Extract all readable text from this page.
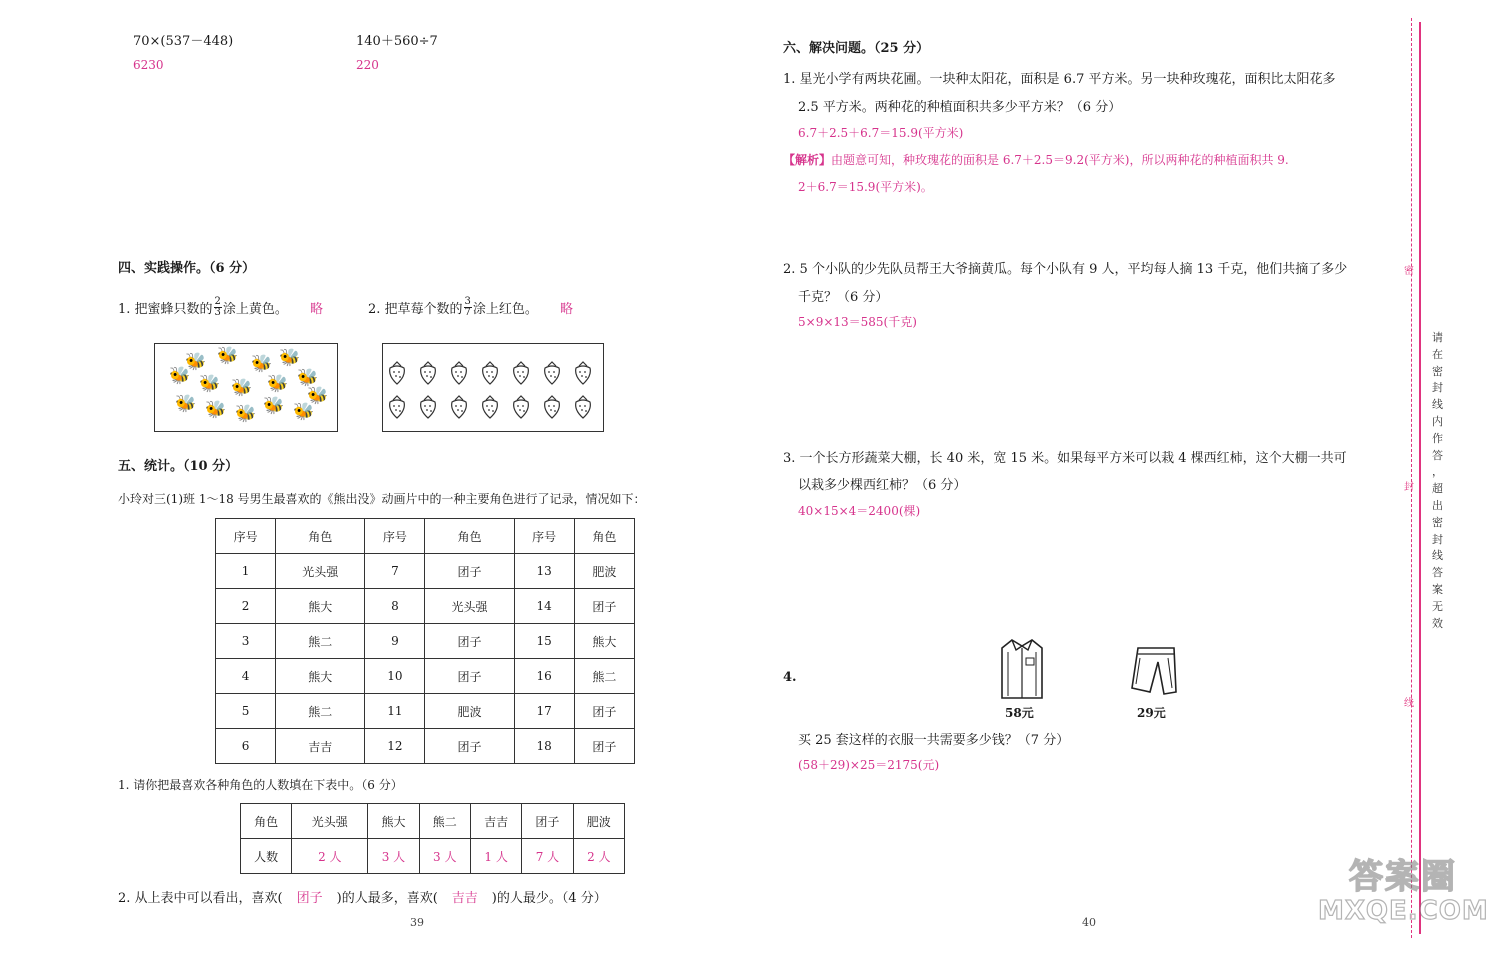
70×(537－448)
6230
140＋560÷7
220
四、实践操作。（6 分）
1. 把蜜蜂只数的 $\frac{2}{3}$ 涂上黄色。 略	2. 把草莓个数的 $\frac{3}{7}$ 涂上红色。 略
🐝 🐝
🐝
🐝 🐝
🐝 🐝 🐝 🐝
🐝 🐝 🐝 🐝 🐝
🐝
五、统计。（10 分）
小玲对三(1)班 1～18 号男生最喜欢的《熊出没》动画片中的一种主要角色进行了记录，情况如下：
序号	角色	序号	角色	序号	角色
1	光头强	7	团子	13	肥波
2	熊大	8	光头强	14	团子
3	熊二	9	团子	15	熊大
4	熊大	10	团子	16	熊二
5	熊二	11	肥波	17	团子
6	吉吉	12	团子	18	团子
1. 请你把最喜欢各种角色的人数填在下表中。（6 分）
角色	光头强	熊大	熊二	吉吉	团子	肥波
人数	2 人	3 人	3 人	1 人	7 人	2 人
2. 从上表中可以看出，喜欢( 团子 )的人最多，喜欢( 吉吉 )的人最少。（4 分）
39
六、解决问题。（25 分）
1. 星光小学有两块花圃。一块种太阳花，面积是 6.7 平方米。另一块种玫瑰花，面积比太阳花多
2.5 平方米。两种花的种植面积共多少平方米？（6 分）
6.7＋2.5＋6.7＝15.9(平方米)
【解析】由题意可知，种玫瑰花的面积是 6.7＋2.5＝9.2(平方米)，所以两种花的种植面积共 9.
2＋6.7＝15.9(平方米)。
2. 5 个小队的少先队员帮王大爷摘黄瓜。每个小队有 9 人，平均每人摘 13 千克，他们共摘了多少
千克？（6 分）
5×9×13＝585(千克)
3. 一个长方形蔬菜大棚，长 40 米，宽 15 米。如果每平方米可以栽 4 棵西红柿，这个大棚一共可
以栽多少棵西红柿？（6 分）
40×15×4＝2400(棵)
4.
58元	29元
买 25 套这样的衣服一共需要多少钱？（7 分）
(58＋29)×25＝2175(元)
40
密
封
线
请
在
密
封
线
内
作
答
，
超
出
密
封
线
答
案
无
效
答案圈
MXQE.COM
